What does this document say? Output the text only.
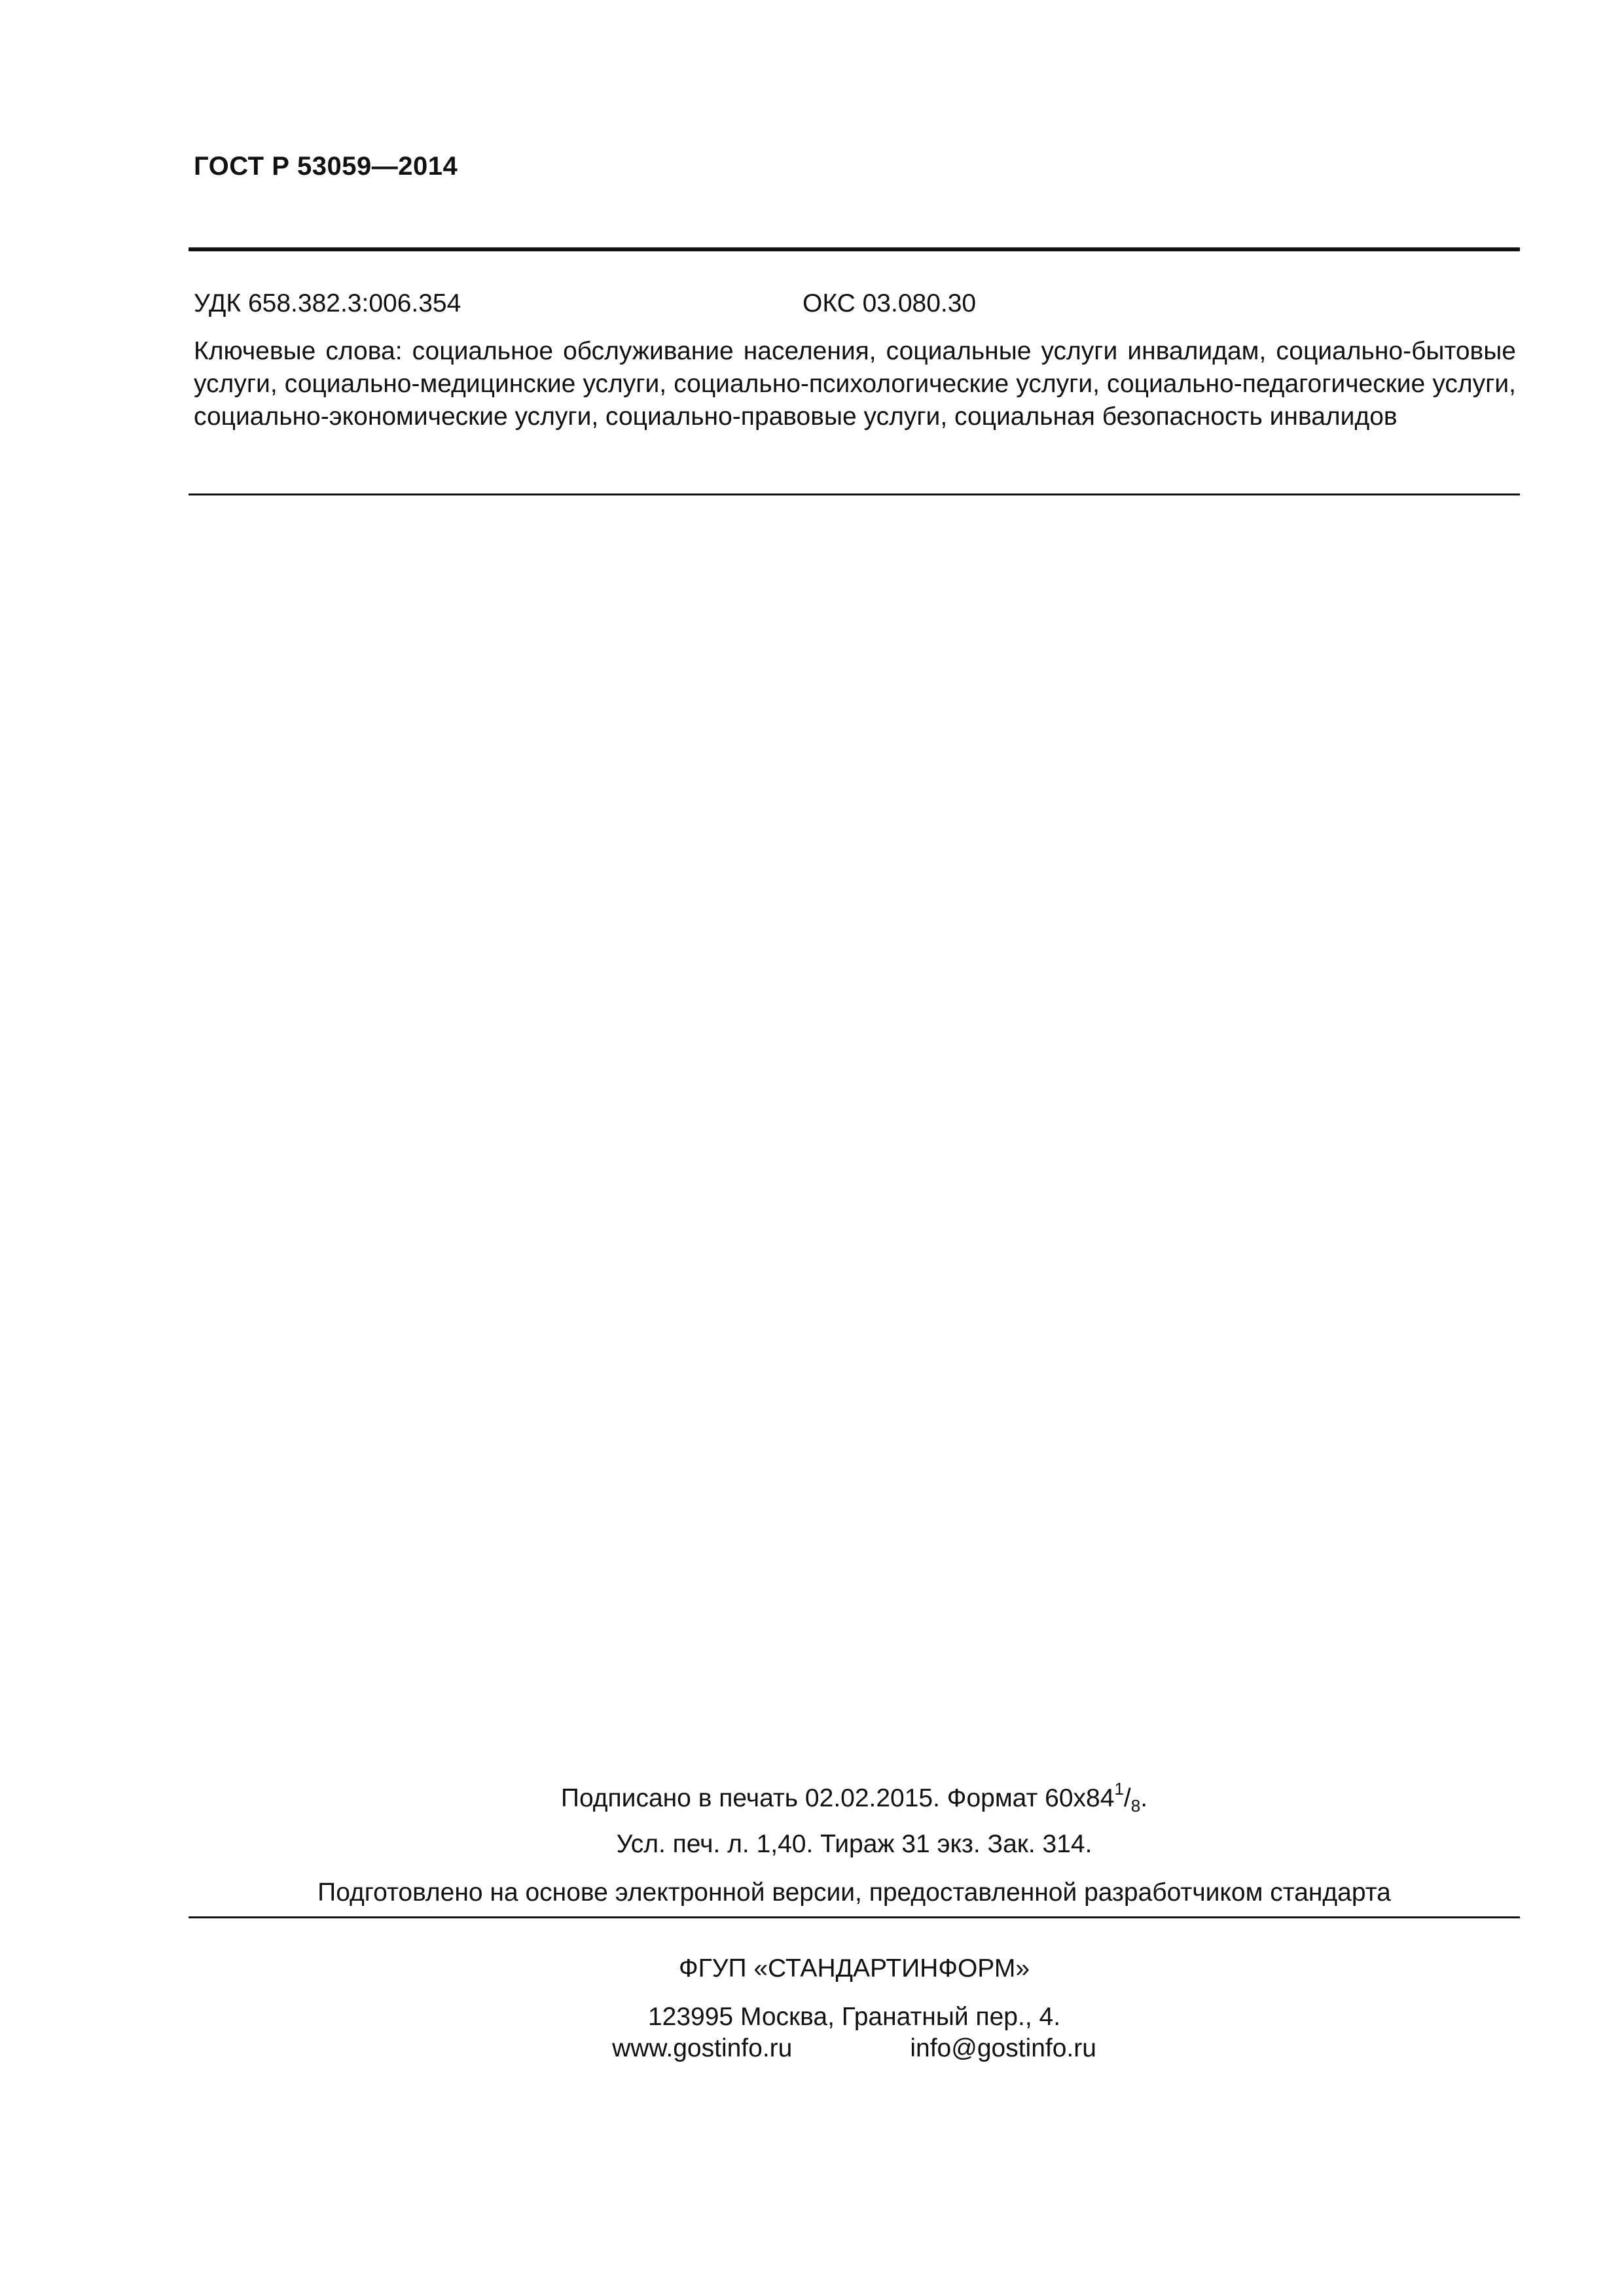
ГОСТ Р 53059—2014
УДК 658.382.3:006.354	ОКС 03.080.30
Ключевые слова: социальное обслуживание населения, социальные услуги инвалидам, социально-бытовые услуги, социально-медицинские услуги, социально-психологические услуги, социально-педагогические услуги, социально-экономические услуги, социально-правовые услуги, социальная безопасность инвалидов
Подписано в печать 02.02.2015. Формат $60x84^1/_8$.
Усл. печ. л. 1,40. Тираж 31 экз. Зак. 314.
Подготовлено на основе электронной версии, предоставленной разработчиком стандарта
ФГУП «СТАНДАРТИНФОРМ»
123995 Москва, Гранатный пер., 4.
www.gostinfo.ru	info@gostinfo.ru
